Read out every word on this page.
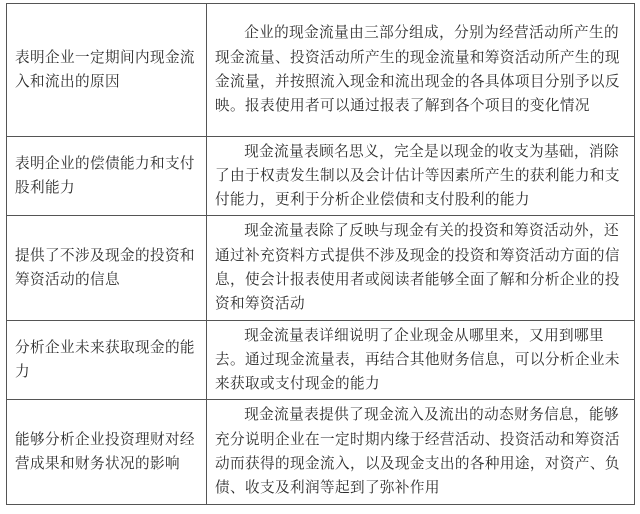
表明企业一定期间内现金流入和流出的原因	企业的现金流量由三部分组成，分别为经营活动所产生的现金流量、投资活动所产生的现金流量和筹资活动所产生的现金流量，并按照流入现金和流出现金的各具体项目分别予以反映。报表使用者可以通过报表了解到各个项目的变化情况
表明企业的偿债能力和支付股利能力	现金流量表顾名思义，完全是以现金的收支为基础，消除了由于权责发生制以及会计估计等因素所产生的获利能力和支付能力，更利于分析企业偿债和支付股利的能力
提供了不涉及现金的投资和筹资活动的信息	现金流量表除了反映与现金有关的投资和筹资活动外，还通过补充资料方式提供不涉及现金的投资和筹资活动方面的信息，使会计报表使用者或阅读者能够全面了解和分析企业的投资和筹资活动
分析企业未来获取现金的能力	现金流量表详细说明了企业现金从哪里来，又用到哪里去。通过现金流量表，再结合其他财务信息，可以分析企业未来获取或支付现金的能力
能够分析企业投资理财对经营成果和财务状况的影响	现金流量表提供了现金流入及流出的动态财务信息，能够充分说明企业在一定时期内缘于经营活动、投资活动和筹资活动而获得的现金流入，以及现金支出的各种用途，对资产、负债、收支及利润等起到了弥补作用
